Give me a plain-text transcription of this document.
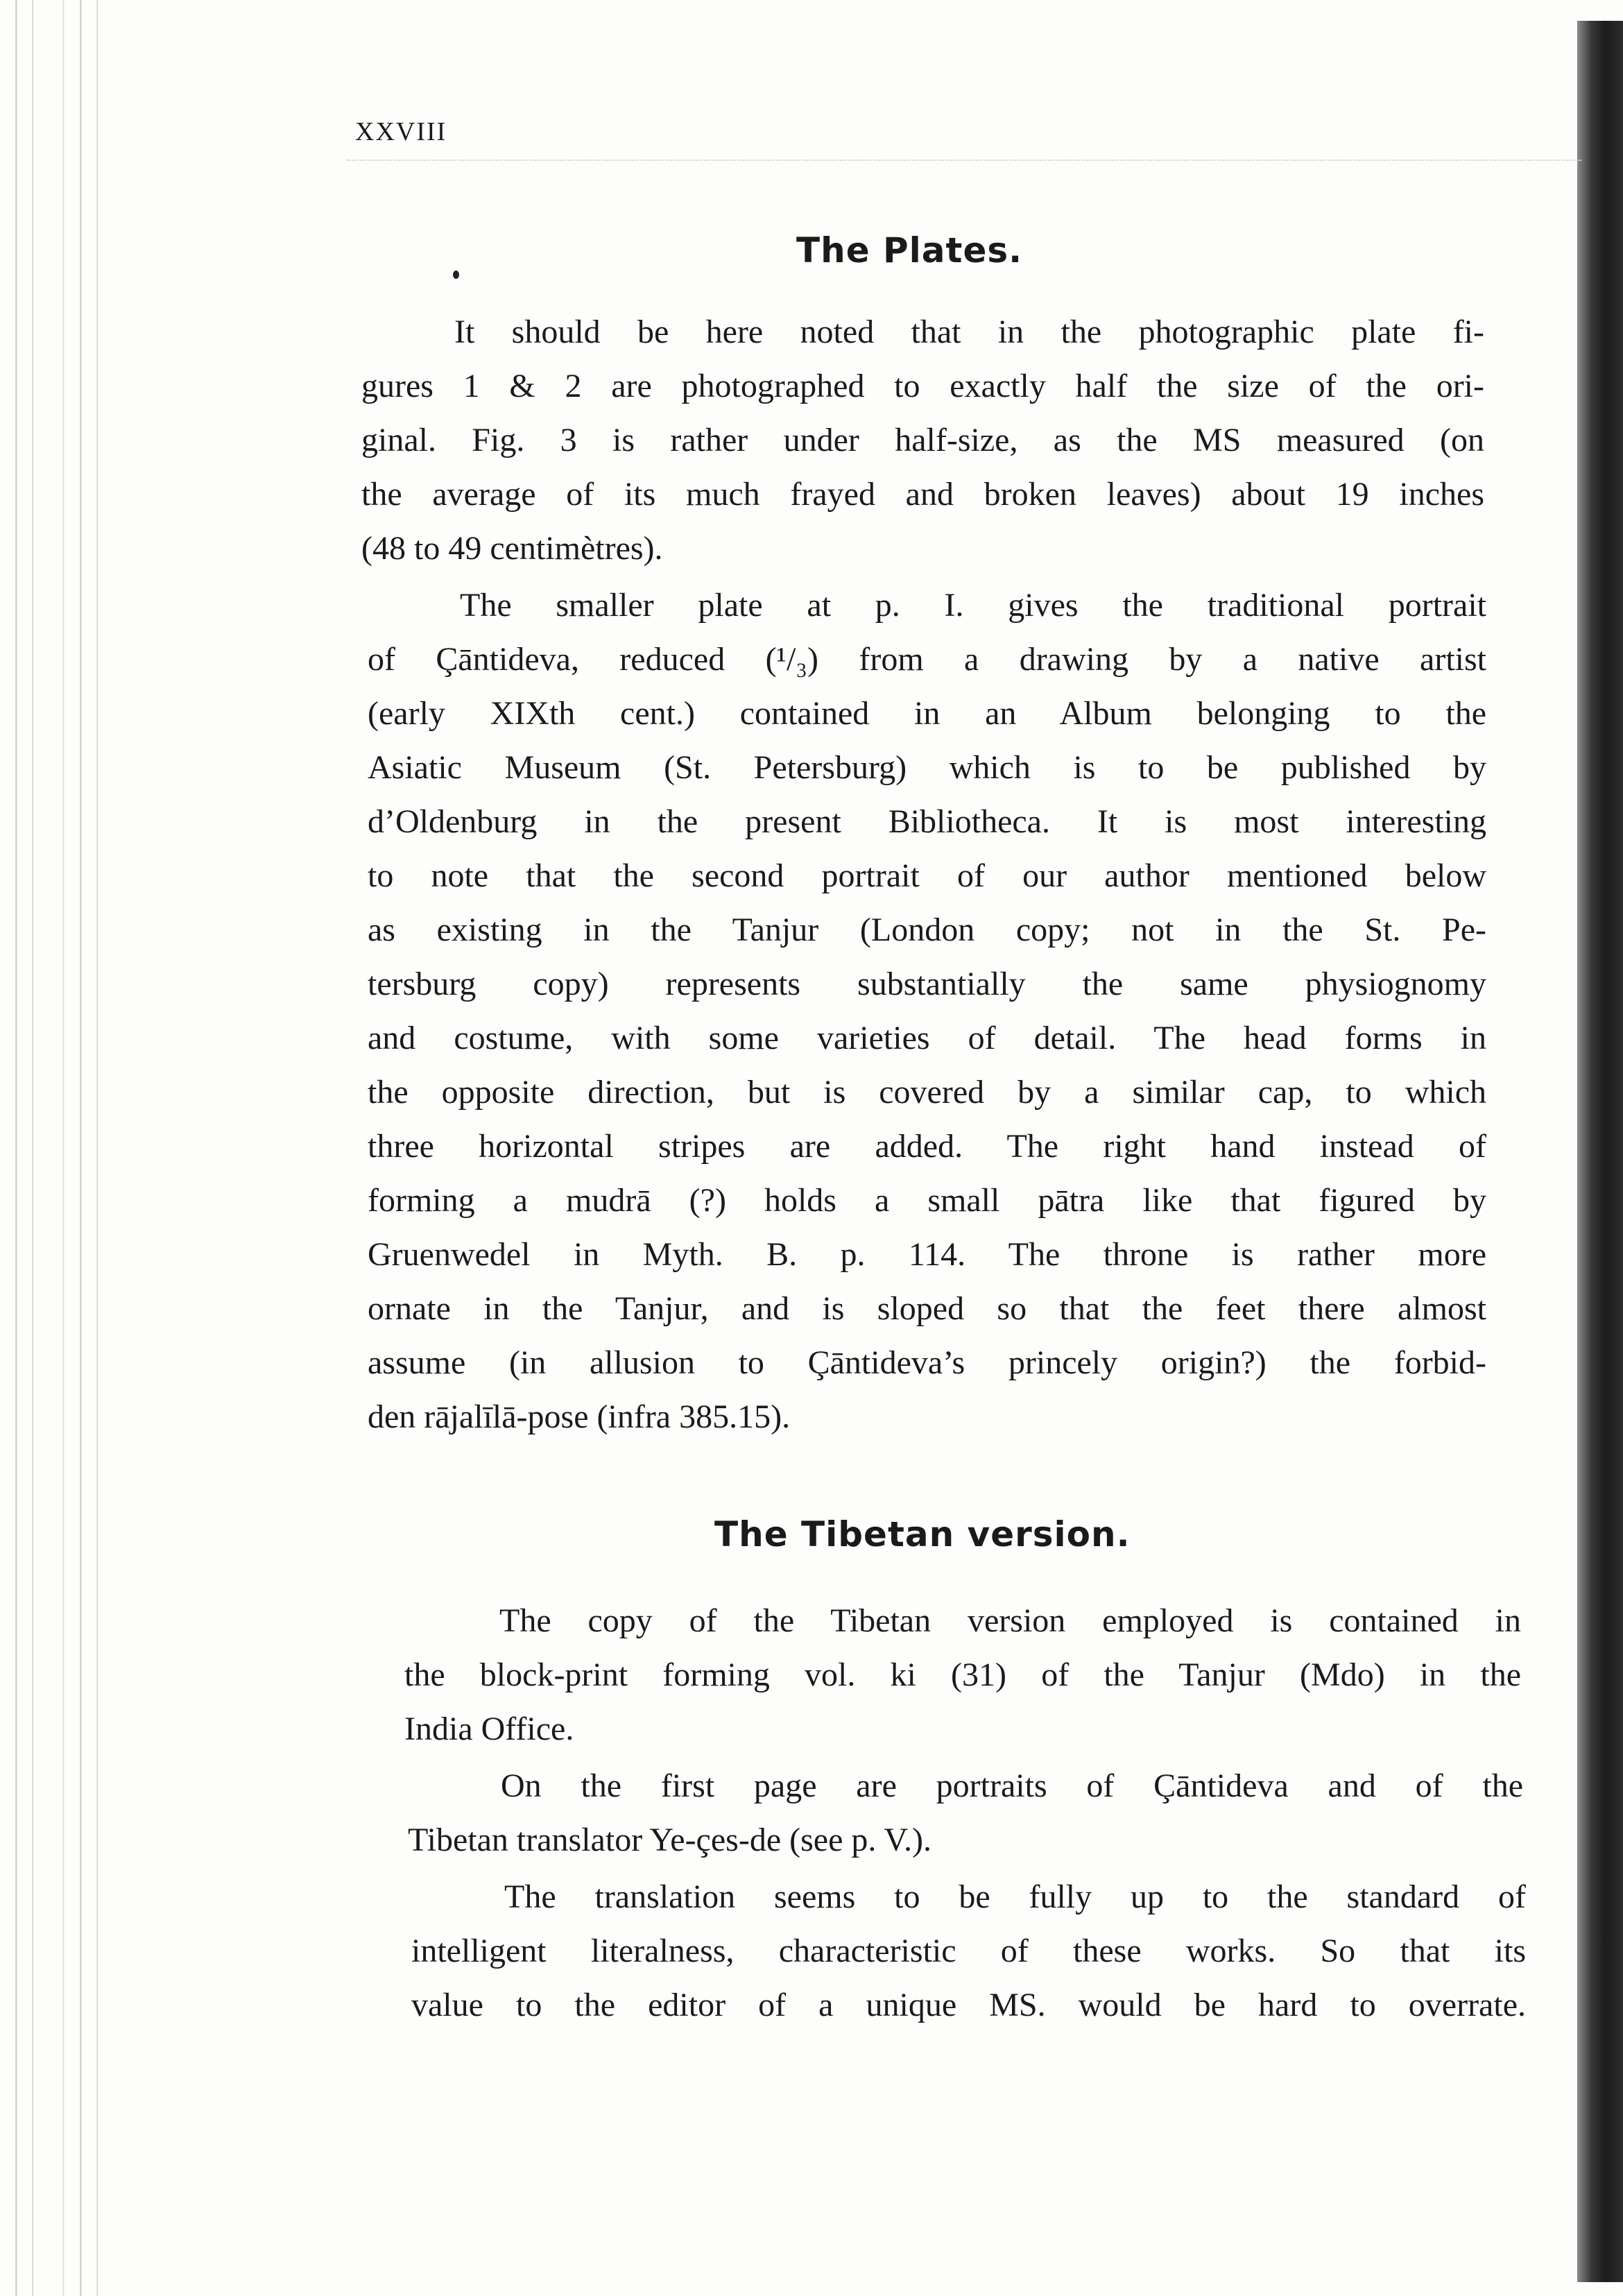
XXVIII
The Plates.
It should be here noted that in the photographic plate fi-
gures 1 & 2 are photographed to exactly half the size of the ori-
ginal. Fig. 3 is rather under half-size, as the MS measured (on
the average of its much frayed and broken leaves) about 19 inches
(48 to 49 centimètres).
The smaller plate at p. I. gives the traditional portrait
of Çāntideva, reduced (¹/₃) from a drawing by a native artist
(early XIXth cent.) contained in an Album belonging to the
Asiatic Museum (St. Petersburg) which is to be published by
d’Oldenburg in the present Bibliotheca. It is most interesting
to note that the second portrait of our author mentioned below
as existing in the Tanjur (London copy; not in the St. Pe-
tersburg copy) represents substantially the same physiognomy
and costume, with some varieties of detail. The head forms in
the opposite direction, but is covered by a similar cap, to which
three horizontal stripes are added. The right hand instead of
forming a mudrā (?) holds a small pātra like that figured by
Gruenwedel in Myth. B. p. 114. The throne is rather more
ornate in the Tanjur, and is sloped so that the feet there almost
assume (in allusion to Çāntideva’s princely origin?) the forbid-
den rājalīlā-pose (infra 385.15).
The Tibetan version.
The copy of the Tibetan version employed is contained in
the block-print forming vol. ki (31) of the Tanjur (Mdo) in the
India Office.
On the first page are portraits of Çāntideva and of the
Tibetan translator Ye-çes-de (see p. V.).
The translation seems to be fully up to the standard of
intelligent literalness, characteristic of these works. So that its
value to the editor of a unique MS. would be hard to overrate.
